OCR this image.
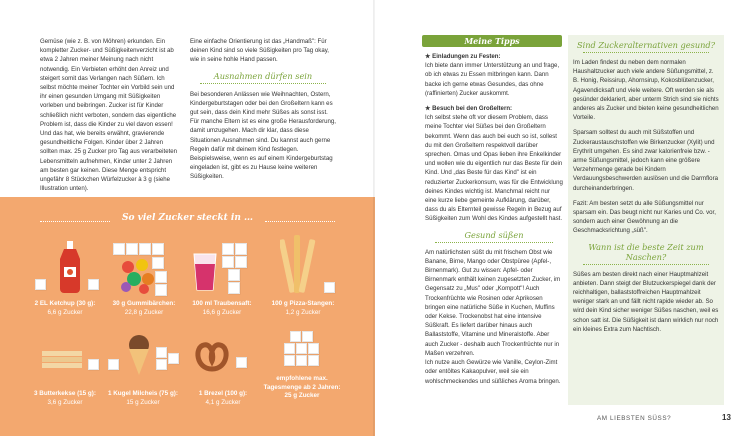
Gemüse (wie z. B. von Möhren) erkunden. Ein kompletter Zucker- und Süßigkeitenverzicht ist ab etwa 2 Jahren meiner Meinung nach nicht notwendig. Ein Verbieten erhöht den Anreiz und steigert somit das Verlangen nach Süßem. Ich selbst möchte meiner Tochter ein Vorbild sein und ihr einen gesunden Umgang mit Süßigkeiten vorleben und beibringen. Zucker ist für Kinder schließlich nicht verboten, sondern das eigentliche Problem ist, dass die Kinder zu viel davon essen! Und das hat, wie bereits erwähnt, gravierende gesundheitliche Folgen. Kinder über 2 Jahren sollten max. 25 g Zucker pro Tag aus verarbeiteten Lebensmitteln aufnehmen, Kinder unter 2 Jahren am besten gar keinen. Diese Menge entspricht ungefähr 8 Stückchen Würfelzucker à 3 g (siehe Illustration unten).

Eine einfache Orientierung ist das „Handmaß": Für deinen Kind sind so viele Süßigkeiten pro Tag okay, wie in seine hohle Hand passen.

Ausnahmen dürfen sein

Bei besonderen Anlässen wie Weihnachten, Ostern, Kindergeburtstagen oder bei den Großeltern kann es gut sein, dass dein Kind mehr Süßes als sonst isst. Für manche Eltern ist es eine große Herausforderung, damit umzugehen. Mach dir klar, dass diese Situationen Ausnahmen sind. Du kannst auch gerne Regeln dafür mit deinem Kind festlegen. Beispielsweise, wenn es auf einem Kindergeburtstag eingeladen ist, gibt es zu Hause keine weiteren Süßigkeiten.

So viel Zucker steckt in …
2 EL Ketchup (30 g):
6,6 g Zucker
30 g Gummibärchen:
22,8 g Zucker
100 ml Traubensaft:
16,6 g Zucker
100 g Pizza-Stangen:
1,2 g Zucker
3 Butterkekse (15 g):
3,6 g Zucker
1 Kugel Milcheis (75 g):
15 g Zucker
1 Brezel (100 g):
4,1 g Zucker
empfohlene max. Tagesmenge ab 2 Jahren:
25 g Zucker
Meine Tipps
★ Einladungen zu Festen:

Ich biete dann immer Unterstützung an und frage, ob ich etwas zu Essen mitbringen kann. Dann backe ich gerne etwas Gesundes, das ohne (raffinierten) Zucker auskommt.

★ Besuch bei den Großeltern:

Ich selbst stehe oft vor diesem Problem, dass meine Tochter viel Süßes bei den Großeltern bekommt. Wenn das auch bei euch so ist, sollest du mit den Großeltern respektvoll darüber sprechen. Omas und Opas lieben ihre Enkelkinder und wollen wie du eigentlich nur das Beste für dein Kind. Und „das Beste für das Kind" ist ein reduzierter Zuckerkonsum, was für die Entwicklung deines Kindes wichtig ist. Manchmal reicht nur eine kurze liebe gemeinte Aufklärung, darüber, dass du als Elternteil gewisse Regeln in Bezug auf Süßigkeiten zum Wohl des Kindes aufgestellt hast.

Gesund süßen

Am natürlichsten süßt du mit frischem Obst wie Banane, Birne, Mango oder Obstpüree (Apfel-, Birnenmark). Gut zu wissen: Apfel- oder Birnenmark enthält keinen zugesetzten Zucker, im Gegensatz zu „Mus" oder „Kompott"! Auch Trockenfrüchte wie Rosinen oder Aprikosen bringen eine natürliche Süße in Kuchen, Muffins oder Kekse. Trockenobst hat eine intensive Süßkraft. Es liefert darüber hinaus auch Ballaststoffe, Vitamine und Mineralstoffe. Aber auch Zucker - deshalb auch Trockenfrüchte nur in Maßen verzehren.

Ich nutze auch Gewürze wie Vanille, Ceylon-Zimt oder entöltes Kakaopulver, weil sie ein wohlschmeckendes und süßliches Aroma bringen.

Sind Zuckeralternativen gesund?

Im Laden findest du neben dem normalen Haushaltzucker auch viele andere Süßungsmittel, z. B. Honig, Reissirup, Ahornsirup, Kokosblütenzucker, Agavendicksaft und viele weitere. Oft werden sie als gesünder deklariert, aber unterm Strich sind sie nichts anderes als Zucker und bieten keine gesundheitlichen Vorteile.

Sparsam solltest du auch mit Süßstoffen und Zuckeraustauschstoffen wie Birkenzucker (Xylit) und Erythrit umgehen. Es sind zwar kalorienfreie bzw. -arme Süßungsmittel, jedoch kann eine größere Verzehrmenge gerade bei Kindern Verdauungsbeschwerden auslösen und die Darmflora durcheinanderbringen.

Fazit: Am besten setzt du alle Süßungsmittel nur sparsam ein. Das beugt nicht nur Karies und Co. vor, sondern auch einer Gewöhnung an die Geschmacksrichtung „süß".

Wann ist die beste Zeit zum Naschen?

Süßes am besten direkt nach einer Hauptmahlzeit anbieten. Dann steigt der Blutzuckerspiegel dank der reichhaltigen, ballaststoffreichen Hauptmahlzeit weniger stark an und fällt nicht rapide wieder ab. So wird dein Kind sicher weniger Süßes naschen, weil es schon satt ist. Die Süßigkeit ist dann wirklich nur noch ein kleines Extra zum Nachtisch.

AM LIEBSTEN SÜSS?	13
